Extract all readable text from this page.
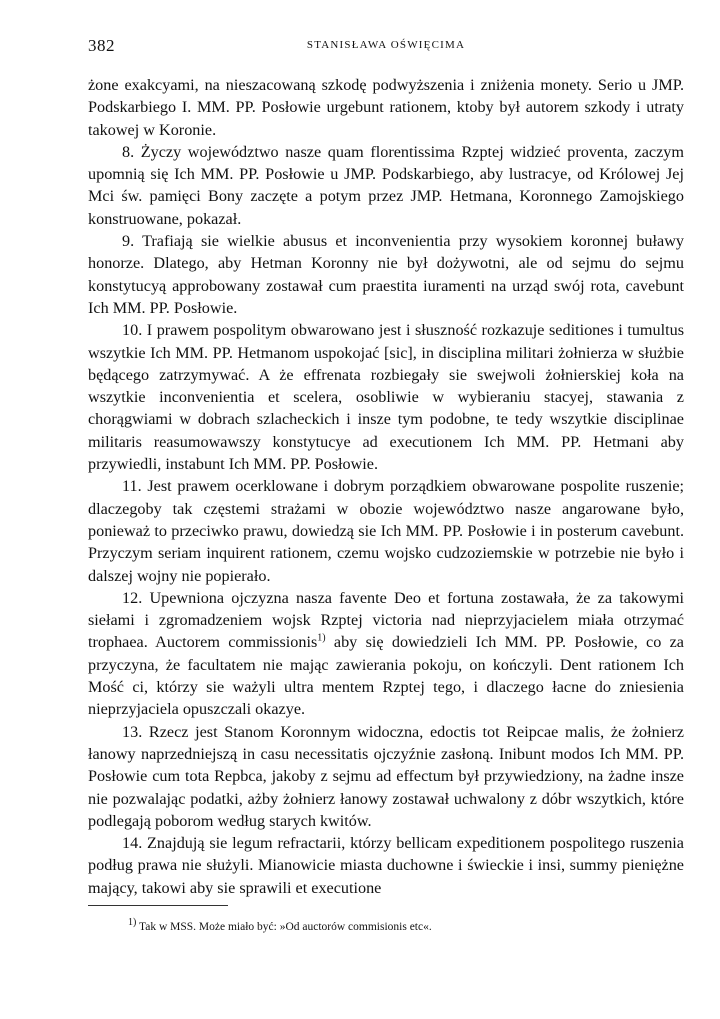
382	STANISŁAWA OŚWIĘCIMA

żone exakcyami, na nieszacowaną szkodę podwyższenia i zniżenia monety. Serio u JMP. Podskarbiego I. MM. PP. Posłowie urgebunt rationem, ktoby był autorem szkody i utraty takowej w Koronie.

8. Życzy województwo nasze quam florentissima Rzptej widzieć proventa, zaczym upomnią się Ich MM. PP. Posłowie u JMP. Podskarbiego, aby lustracye, od Królowej Jej Mci św. pamięci Bony zaczęte a potym przez JMP. Hetmana, Koronnego Zamojskiego konstruowane, pokazał.

9. Trafiają sie wielkie abusus et inconvenientia przy wysokiem koronnej buławy honorze. Dlatego, aby Hetman Koronny nie był dożywotni, ale od sejmu do sejmu konstytucyą approbowany zostawał cum praestita iuramenti na urząd swój rota, cavebunt Ich MM. PP. Posłowie.

10. I prawem pospolitym obwarowano jest i słuszność rozkazuje seditiones i tumultus wszytkie Ich MM. PP. Hetmanom uspokojać [sic], in disciplina militari żołnierza w służbie będącego zatrzymywać. A że effrenata rozbiegały sie swejwoli żołnierskiej koła na wszytkie inconvenientia et scelera, osobliwie w wybieraniu stacyej, stawania z chorągwiami w dobrach szlacheckich i insze tym podobne, te tedy wszytkie disciplinae militaris reasumowawszy konstytucye ad executionem Ich MM. PP. Hetmani aby przywiedli, instabunt Ich MM. PP. Posłowie.

11. Jest prawem ocerklowane i dobrym porządkiem obwarowane pospolite ruszenie; dlaczegoby tak częstemi strażami w obozie województwo nasze angarowane było, ponieważ to przeciwko prawu, dowiedzą sie Ich MM. PP. Posłowie i in posterum cavebunt. Przyczym seriam inquirent rationem, czemu wojsko cudzoziemskie w potrzebie nie było i dalszej wojny nie popierało.

12. Upewniona ojczyzna nasza favente Deo et fortuna zostawała, że za takowymi siełami i zgromadzeniem wojsk Rzptej victoria nad nieprzyjacielem miała otrzymać trophaea. Auctorem commissionis$^{1)}$ aby się dowiedzieli Ich MM. PP. Posłowie, co za przyczyna, że facultatem nie mając zawierania pokoju, on kończyli. Dent rationem Ich Mość ci, którzy sie ważyli ultra mentem Rzptej tego, i dlaczego łacne do zniesienia nieprzyjaciela opuszczali okazye.

13. Rzecz jest Stanom Koronnym widoczna, edoctis tot Reipcae malis, że żołnierz łanowy naprzedniejszą in casu necessitatis ojczyźnie zasłoną. Inibunt modos Ich MM. PP. Posłowie cum tota Repbca, jakoby z sejmu ad effectum był przywiedziony, na żadne insze nie pozwalając podatki, ażby żołnierz łanowy zostawał uchwalony z dóbr wszytkich, które podlegają poborom według starych kwitów.

14. Znajdują sie legum refractarii, którzy bellicam expeditionem pospolitego ruszenia podług prawa nie służyli. Mianowicie miasta duchowne i świeckie i insi, summy pieniężne mający, takowi aby sie sprawili et executione

$^{1)}$ Tak w MSS. Może miało być: »Od auctorów commisionis etc«.
